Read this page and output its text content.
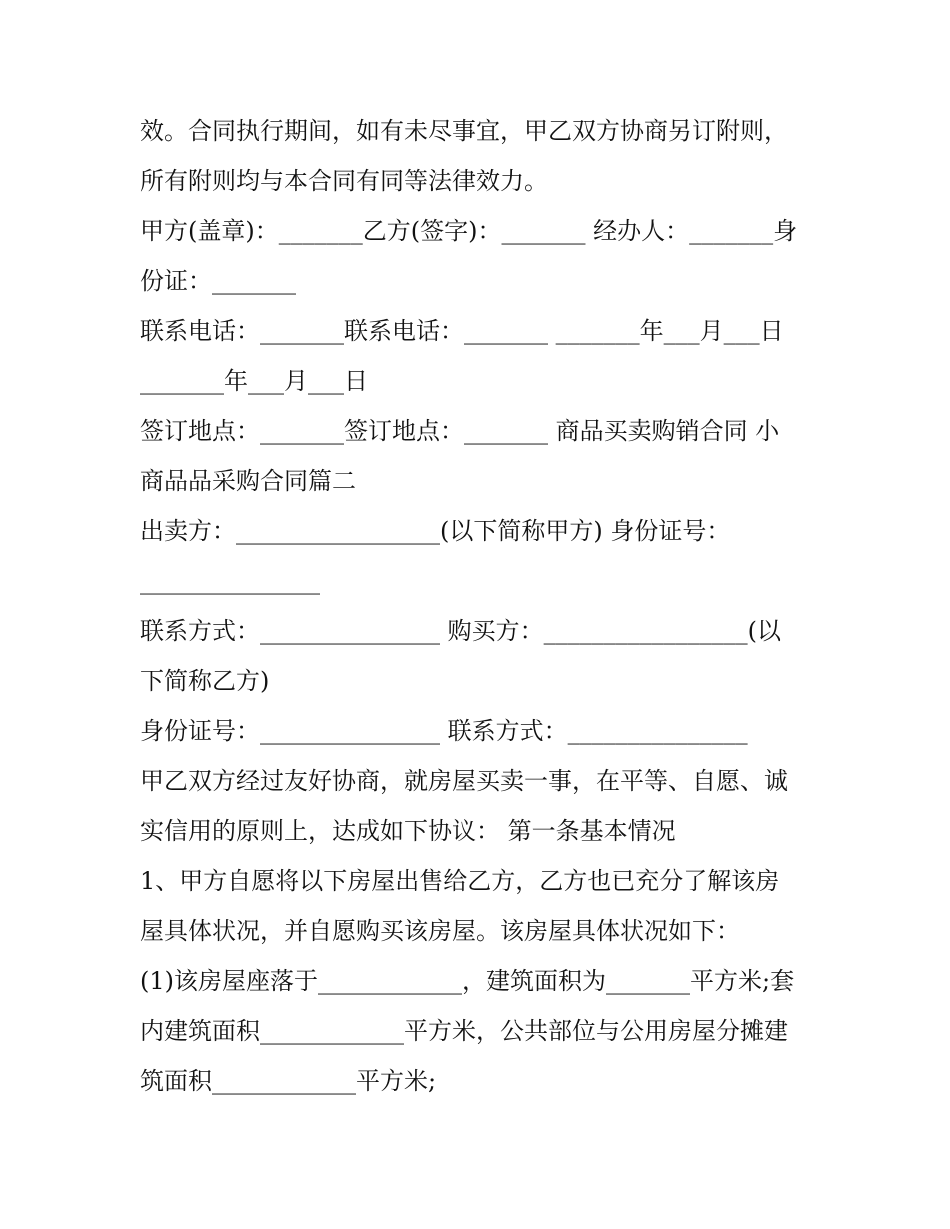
效。合同执行期间，如有未尽事宜，甲乙双方协商另订附则，
所有附则均与本合同有同等法律效力。
甲方(盖章)：_______乙方(签字)：_______ 经办人：_______身
份证：_______
联系电话：_______联系电话：_______ _______年___月___日
_______年___月___日
签订地点：_______签订地点：_______ 商品买卖购销合同 小
商品品采购合同篇二
出卖方：_________________(以下简称甲方) 身份证号：
_______________
联系方式：_______________ 购买方：_________________(以
下简称乙方)
身份证号：_______________ 联系方式：_______________
甲乙双方经过友好协商，就房屋买卖一事，在平等、自愿、诚
实信用的原则上，达成如下协议： 第一条基本情况
1、甲方自愿将以下房屋出售给乙方，乙方也已充分了解该房
屋具体状况，并自愿购买该房屋。该房屋具体状况如下：
(1)该房屋座落于____________，建筑面积为_______平方米;套
内建筑面积____________平方米，公共部位与公用房屋分摊建
筑面积____________平方米;
